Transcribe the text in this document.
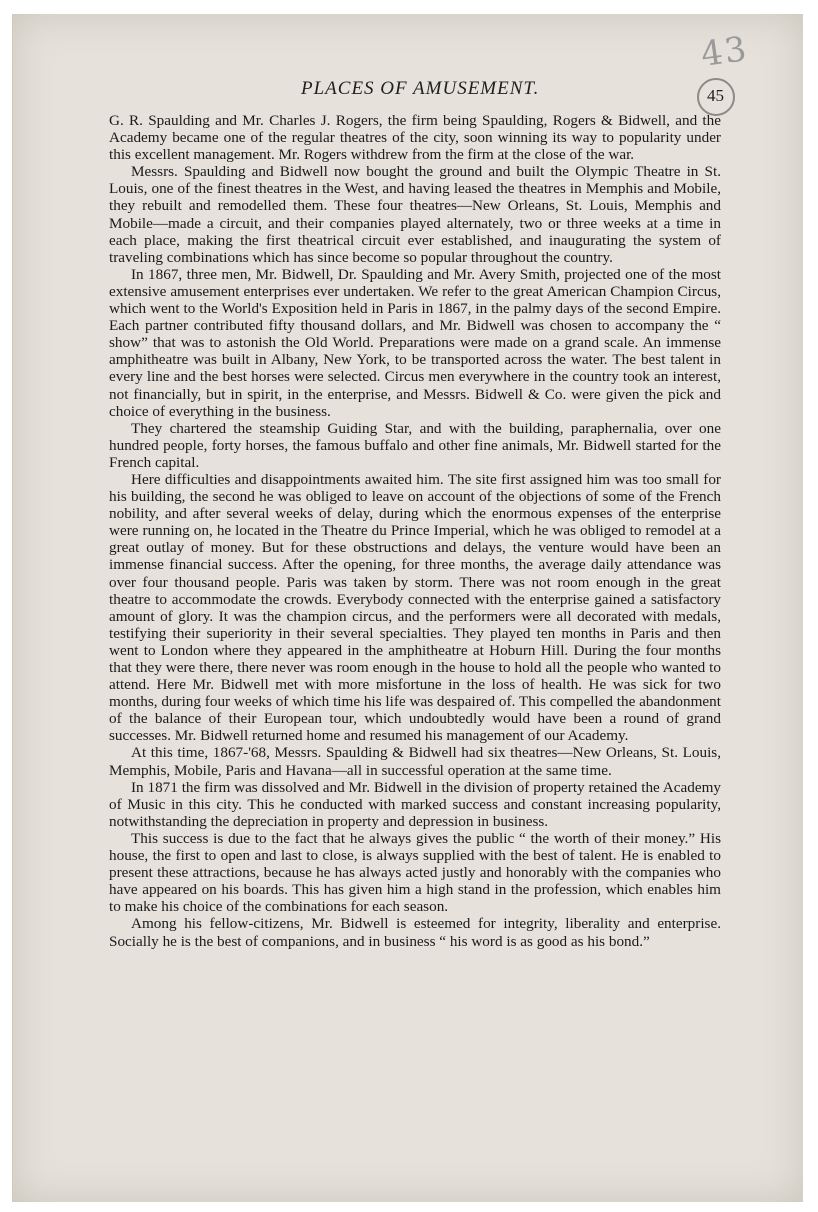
43
PLACES OF AMUSEMENT.	45

G. R. Spaulding and Mr. Charles J. Rogers, the firm being Spaulding, Rogers & Bidwell, and the Academy became one of the regular theatres of the city, soon winning its way to popularity under this excellent management. Mr. Rogers withdrew from the firm at the close of the war.

Messrs. Spaulding and Bidwell now bought the ground and built the Olympic Theatre in St. Louis, one of the finest theatres in the West, and having leased the theatres in Memphis and Mobile, they rebuilt and remodelled them. These four theatres—New Orleans, St. Louis, Memphis and Mobile—made a circuit, and their companies played alternately, two or three weeks at a time in each place, making the first theatrical circuit ever established, and inaugurating the system of traveling combinations which has since become so popular throughout the country.

In 1867, three men, Mr. Bidwell, Dr. Spaulding and Mr. Avery Smith, projected one of the most extensive amusement enterprises ever undertaken. We refer to the great American Champion Circus, which went to the World's Exposition held in Paris in 1867, in the palmy days of the second Empire. Each partner contributed fifty thousand dollars, and Mr. Bidwell was chosen to accompany the “ show” that was to astonish the Old World. Preparations were made on a grand scale. An immense amphitheatre was built in Albany, New York, to be transported across the water. The best talent in every line and the best horses were selected. Circus men everywhere in the country took an interest, not financially, but in spirit, in the enterprise, and Messrs. Bidwell & Co. were given the pick and choice of everything in the business.

They chartered the steamship Guiding Star, and with the building, paraphernalia, over one hundred people, forty horses, the famous buffalo and other fine animals, Mr. Bidwell started for the French capital.

Here difficulties and disappointments awaited him. The site first assigned him was too small for his building, the second he was obliged to leave on account of the objections of some of the French nobility, and after several weeks of delay, during which the enormous expenses of the enterprise were running on, he located in the Theatre du Prince Imperial, which he was obliged to remodel at a great outlay of money. But for these obstructions and delays, the venture would have been an immense financial success. After the opening, for three months, the average daily attendance was over four thousand people. Paris was taken by storm. There was not room enough in the great theatre to accommodate the crowds. Everybody connected with the enterprise gained a satisfactory amount of glory. It was the champion circus, and the performers were all decorated with medals, testifying their superiority in their several specialties. They played ten months in Paris and then went to London where they appeared in the amphitheatre at Hoburn Hill. During the four months that they were there, there never was room enough in the house to hold all the people who wanted to attend. Here Mr. Bidwell met with more misfortune in the loss of health. He was sick for two months, during four weeks of which time his life was despaired of. This compelled the abandonment of the balance of their European tour, which undoubtedly would have been a round of grand successes. Mr. Bidwell returned home and resumed his management of our Academy.

At this time, 1867-'68, Messrs. Spaulding & Bidwell had six theatres—New Orleans, St. Louis, Memphis, Mobile, Paris and Havana—all in successful operation at the same time.

In 1871 the firm was dissolved and Mr. Bidwell in the division of property retained the Academy of Music in this city. This he conducted with marked success and constant increasing popularity, notwithstanding the depreciation in property and depression in business.

This success is due to the fact that he always gives the public “ the worth of their money.” His house, the first to open and last to close, is always supplied with the best of talent. He is enabled to present these attractions, because he has always acted justly and honorably with the companies who have appeared on his boards. This has given him a high stand in the profession, which enables him to make his choice of the combinations for each season.

Among his fellow-citizens, Mr. Bidwell is esteemed for integrity, liberality and enterprise. Socially he is the best of companions, and in business “ his word is as good as his bond.”
